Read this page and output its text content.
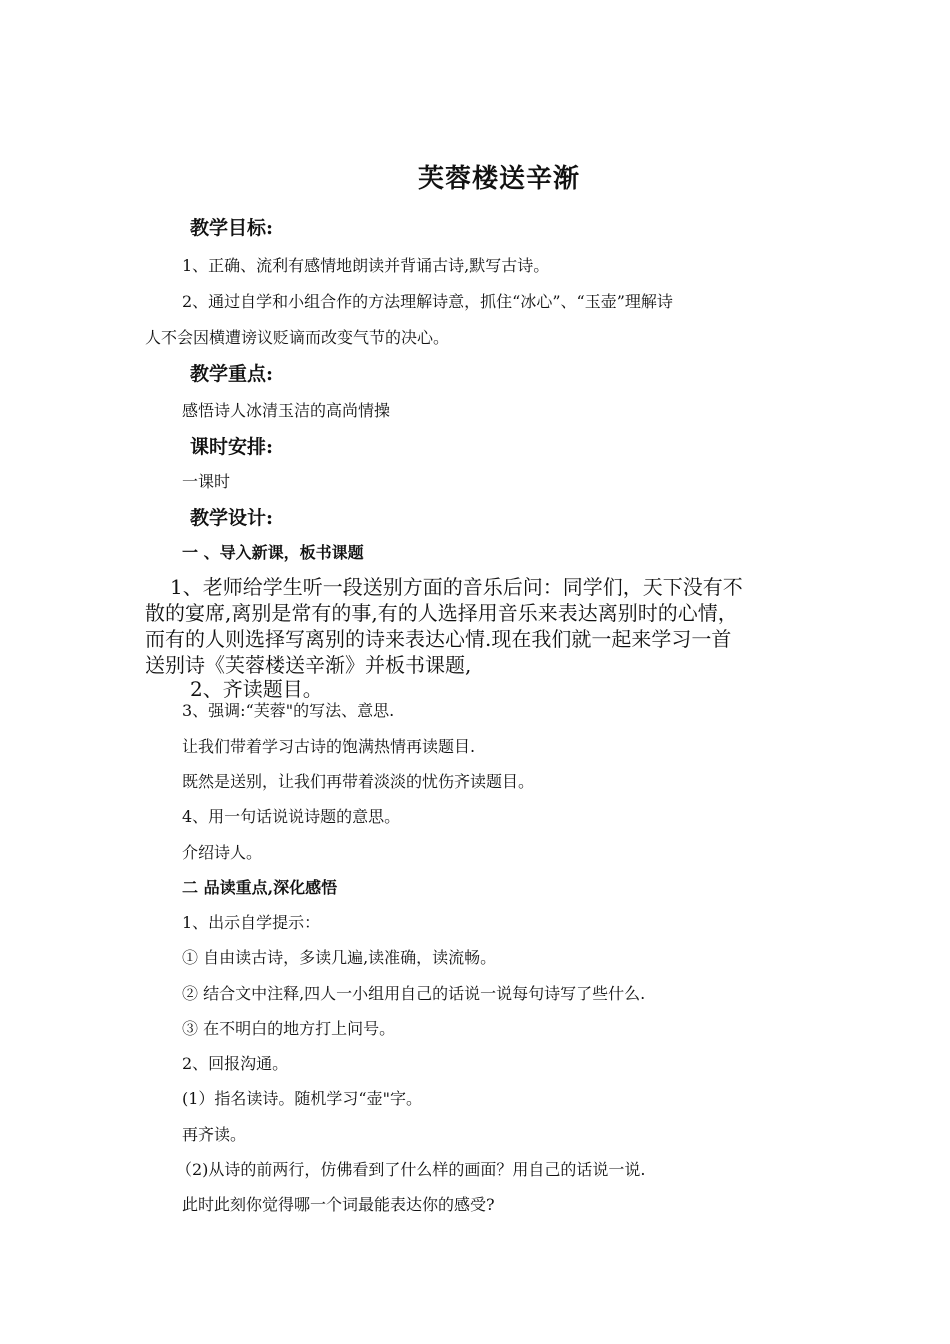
芙蓉楼送辛渐
教学目标:
1、正确、流利有感情地朗读并背诵古诗,默写古诗。
2、通过自学和小组合作的方法理解诗意，抓住“冰心”、“玉壶”理解诗
人不会因横遭谤议贬谪而改变气节的决心。
教学重点:
感悟诗人冰清玉洁的高尚情操
课时安排:
一课时
教学设计:
一 、导入新课，板书课题
1、老师给学生听一段送别方面的音乐后问：同学们，天下没有不
散的宴席,离别是常有的事,有的人选择用音乐来表达离别时的心情，
而有的人则选择写离别的诗来表达心情.现在我们就一起来学习一首
送别诗《芙蓉楼送辛渐》并板书课题,
2、齐读题目。
3、强调:“芙蓉"的写法、意思.
让我们带着学习古诗的饱满热情再读题目.
既然是送别，让我们再带着淡淡的忧伤齐读题目。
4、用一句话说说诗题的意思。
介绍诗人。
二 品读重点,深化感悟
1、出示自学提示：
① 自由读古诗，多读几遍,读准确，读流畅。
② 结合文中注释,四人一小组用自己的话说一说每句诗写了些什么.
③ 在不明白的地方打上问号。
2、回报沟通。
(1）指名读诗。随机学习“壶"字。
再齐读。
（2)从诗的前两行，仿佛看到了什么样的画面？用自己的话说一说.
此时此刻你觉得哪一个词最能表达你的感受?
